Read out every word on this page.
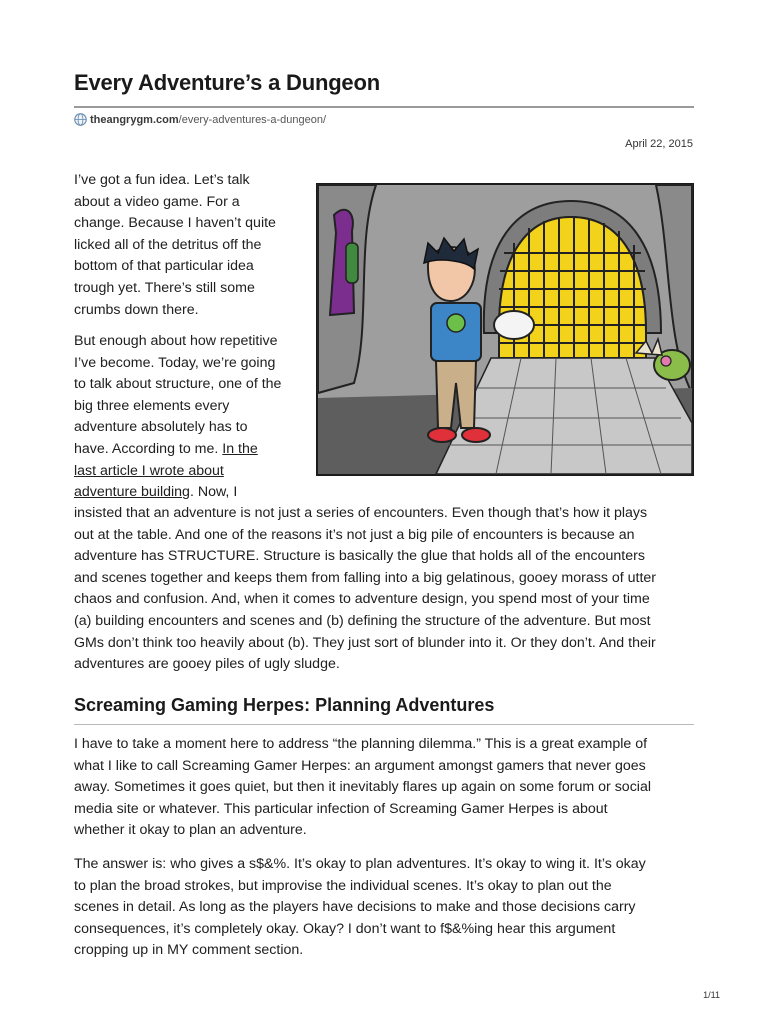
Every Adventure’s a Dungeon
theangrygm.com /every-adventures-a-dungeon/
April 22, 2015

I’ve got a fun idea. Let’s talk
about a video game. For a
change. Because I haven’t quite
licked all of the detritus off the
bottom of that particular idea
trough yet. There’s still some
crumbs down there.

But enough about how repetitive
I’ve become. Today, we’re going
to talk about structure, one of the
big three elements every
adventure absolutely has to
have. According to me. In the
last article I wrote about
adventure building. Now, I

insisted that an adventure is not just a series of encounters. Even though that’s how it plays
out at the table. And one of the reasons it’s not just a big pile of encounters is because an
adventure has STRUCTURE. Structure is basically the glue that holds all of the encounters
and scenes together and keeps them from falling into a big gelatinous, gooey morass of utter
chaos and confusion. And, when it comes to adventure design, you spend most of your time
(a) building encounters and scenes and (b) defining the structure of the adventure. But most
GMs don’t think too heavily about (b). They just sort of blunder into it. Or they don’t. And their
adventures are gooey piles of ugly sludge.

Screaming Gaming Herpes: Planning Adventures

I have to take a moment here to address “the planning dilemma.” This is a great example of
what I like to call Screaming Gamer Herpes: an argument amongst gamers that never goes
away. Sometimes it goes quiet, but then it inevitably flares up again on some forum or social
media site or whatever. This particular infection of Screaming Gamer Herpes is about
whether it okay to plan an adventure.

The answer is: who gives a s$&%. It’s okay to plan adventures. It’s okay to wing it. It’s okay
to plan the broad strokes, but improvise the individual scenes. It’s okay to plan out the
scenes in detail. As long as the players have decisions to make and those decisions carry
consequences, it’s completely okay. Okay? I don’t want to f$&%ing hear this argument
cropping up in MY comment section.

1/11
